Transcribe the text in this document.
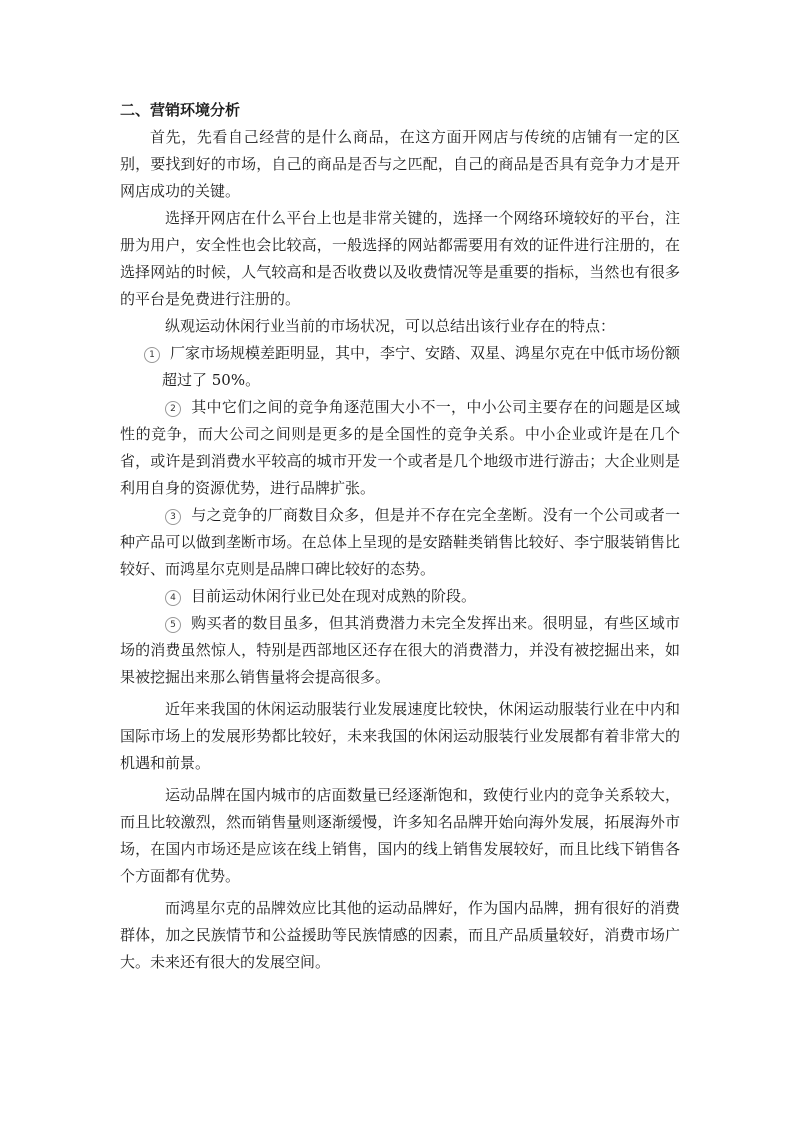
二、营销环境分析

首先，先看自己经营的是什么商品，在这方面开网店与传统的店铺有一定的区别，要找到好的市场，自己的商品是否与之匹配，自己的商品是否具有竞争力才是开网店成功的关键。

选择开网店在什么平台上也是非常关键的，选择一个网络环境较好的平台，注册为用户，安全性也会比较高，一般选择的网站都需要用有效的证件进行注册的，在选择网站的时候，人气较高和是否收费以及收费情况等是重要的指标，当然也有很多的平台是免费进行注册的。

纵观运动休闲行业当前的市场状况，可以总结出该行业存在的特点：

1 厂家市场规模差距明显，其中，李宁、安踏、双星、鸿星尔克在中低市场份额超过了 50%。

2 其中它们之间的竞争角逐范围大小不一，中小公司主要存在的问题是区域性的竞争，而大公司之间则是更多的是全国性的竞争关系。中小企业或许是在几个省，或许是到消费水平较高的城市开发一个或者是几个地级市进行游击；大企业则是利用自身的资源优势，进行品牌扩张。

3 与之竞争的厂商数目众多，但是并不存在完全垄断。没有一个公司或者一种产品可以做到垄断市场。在总体上呈现的是安踏鞋类销售比较好、李宁服装销售比较好、而鸿星尔克则是品牌口碑比较好的态势。

4 目前运动休闲行业已处在现对成熟的阶段。

5 购买者的数目虽多，但其消费潜力未完全发挥出来。很明显，有些区域市场的消费虽然惊人，特别是西部地区还存在很大的消费潜力，并没有被挖掘出来，如果被挖掘出来那么销售量将会提高很多。

近年来我国的休闲运动服装行业发展速度比较快，休闲运动服装行业在中内和国际市场上的发展形势都比较好，未来我国的休闲运动服装行业发展都有着非常大的机遇和前景。

运动品牌在国内城市的店面数量已经逐渐饱和，致使行业内的竞争关系较大，而且比较激烈，然而销售量则逐渐缓慢，许多知名品牌开始向海外发展，拓展海外市场，在国内市场还是应该在线上销售，国内的线上销售发展较好，而且比线下销售各个方面都有优势。

而鸿星尔克的品牌效应比其他的运动品牌好，作为国内品牌，拥有很好的消费群体，加之民族情节和公益援助等民族情感的因素，而且产品质量较好，消费市场广大。未来还有很大的发展空间。
